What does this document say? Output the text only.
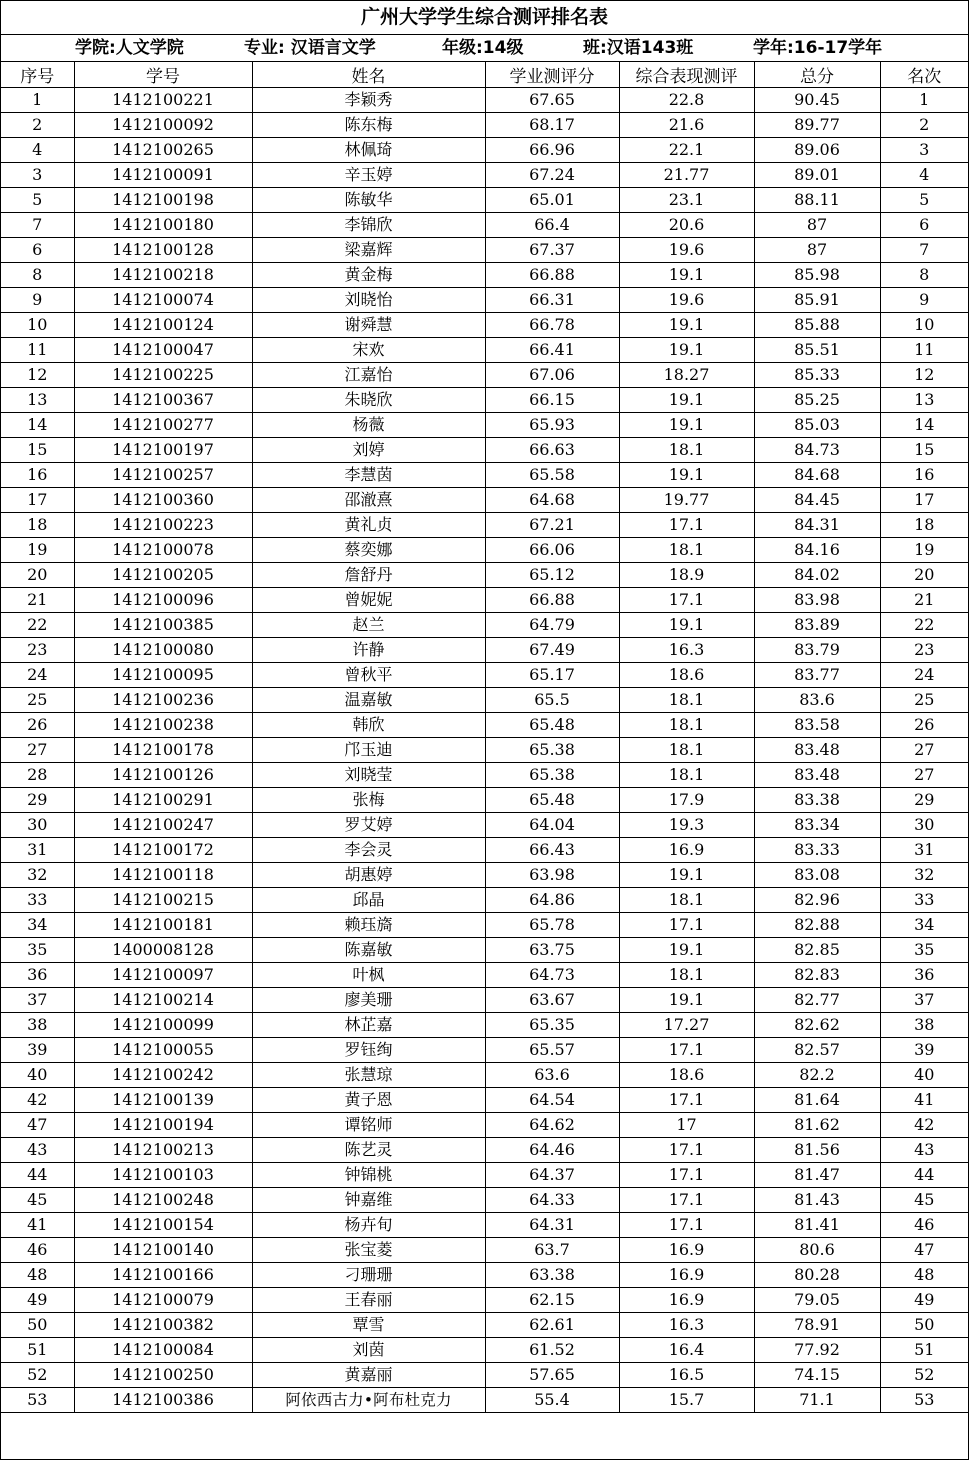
广州大学学生综合测评排名表
学院:人文学院	专业: 汉语言文学	年级:14级	班:汉语143班	学年:16-17学年
序号	学号	姓名	学业测评分	综合表现测评	总分	名次
1	1412100221	李颖秀	67.65	22.8	90.45	1
2	1412100092	陈东梅	68.17	21.6	89.77	2
4	1412100265	林佩琦	66.96	22.1	89.06	3
3	1412100091	辛玉婷	67.24	21.77	89.01	4
5	1412100198	陈敏华	65.01	23.1	88.11	5
7	1412100180	李锦欣	66.4	20.6	87	6
6	1412100128	梁嘉辉	67.37	19.6	87	7
8	1412100218	黄金梅	66.88	19.1	85.98	8
9	1412100074	刘晓怡	66.31	19.6	85.91	9
10	1412100124	谢舜慧	66.78	19.1	85.88	10
11	1412100047	宋欢	66.41	19.1	85.51	11
12	1412100225	江嘉怡	67.06	18.27	85.33	12
13	1412100367	朱晓欣	66.15	19.1	85.25	13
14	1412100277	杨薇	65.93	19.1	85.03	14
15	1412100197	刘婷	66.63	18.1	84.73	15
16	1412100257	李慧茵	65.58	19.1	84.68	16
17	1412100360	邵澈熹	64.68	19.77	84.45	17
18	1412100223	黄礼贞	67.21	17.1	84.31	18
19	1412100078	蔡奕娜	66.06	18.1	84.16	19
20	1412100205	詹舒丹	65.12	18.9	84.02	20
21	1412100096	曾妮妮	66.88	17.1	83.98	21
22	1412100385	赵兰	64.79	19.1	83.89	22
23	1412100080	许静	67.49	16.3	83.79	23
24	1412100095	曾秋平	65.17	18.6	83.77	24
25	1412100236	温嘉敏	65.5	18.1	83.6	25
26	1412100238	韩欣	65.48	18.1	83.58	26
27	1412100178	邝玉迪	65.38	18.1	83.48	27
28	1412100126	刘晓莹	65.38	18.1	83.48	27
29	1412100291	张梅	65.48	17.9	83.38	29
30	1412100247	罗艾婷	64.04	19.3	83.34	30
31	1412100172	李会灵	66.43	16.9	83.33	31
32	1412100118	胡惠婷	63.98	19.1	83.08	32
33	1412100215	邱晶	64.86	18.1	82.96	33
34	1412100181	赖珏旖	65.78	17.1	82.88	34
35	1400008128	陈嘉敏	63.75	19.1	82.85	35
36	1412100097	叶枫	64.73	18.1	82.83	36
37	1412100214	廖美珊	63.67	19.1	82.77	37
38	1412100099	林芷嘉	65.35	17.27	82.62	38
39	1412100055	罗钰绚	65.57	17.1	82.57	39
40	1412100242	张慧琼	63.6	18.6	82.2	40
42	1412100139	黄子恩	64.54	17.1	81.64	41
47	1412100194	谭铭师	64.62	17	81.62	42
43	1412100213	陈艺灵	64.46	17.1	81.56	43
44	1412100103	钟锦桃	64.37	17.1	81.47	44
45	1412100248	钟嘉维	64.33	17.1	81.43	45
41	1412100154	杨卉旬	64.31	17.1	81.41	46
46	1412100140	张宝菱	63.7	16.9	80.6	47
48	1412100166	刁珊珊	63.38	16.9	80.28	48
49	1412100079	王春丽	62.15	16.9	79.05	49
50	1412100382	覃雪	62.61	16.3	78.91	50
51	1412100084	刘茵	61.52	16.4	77.92	51
52	1412100250	黄嘉丽	57.65	16.5	74.15	52
53	1412100386	阿依西古力•阿布杜克力	55.4	15.7	71.1	53
